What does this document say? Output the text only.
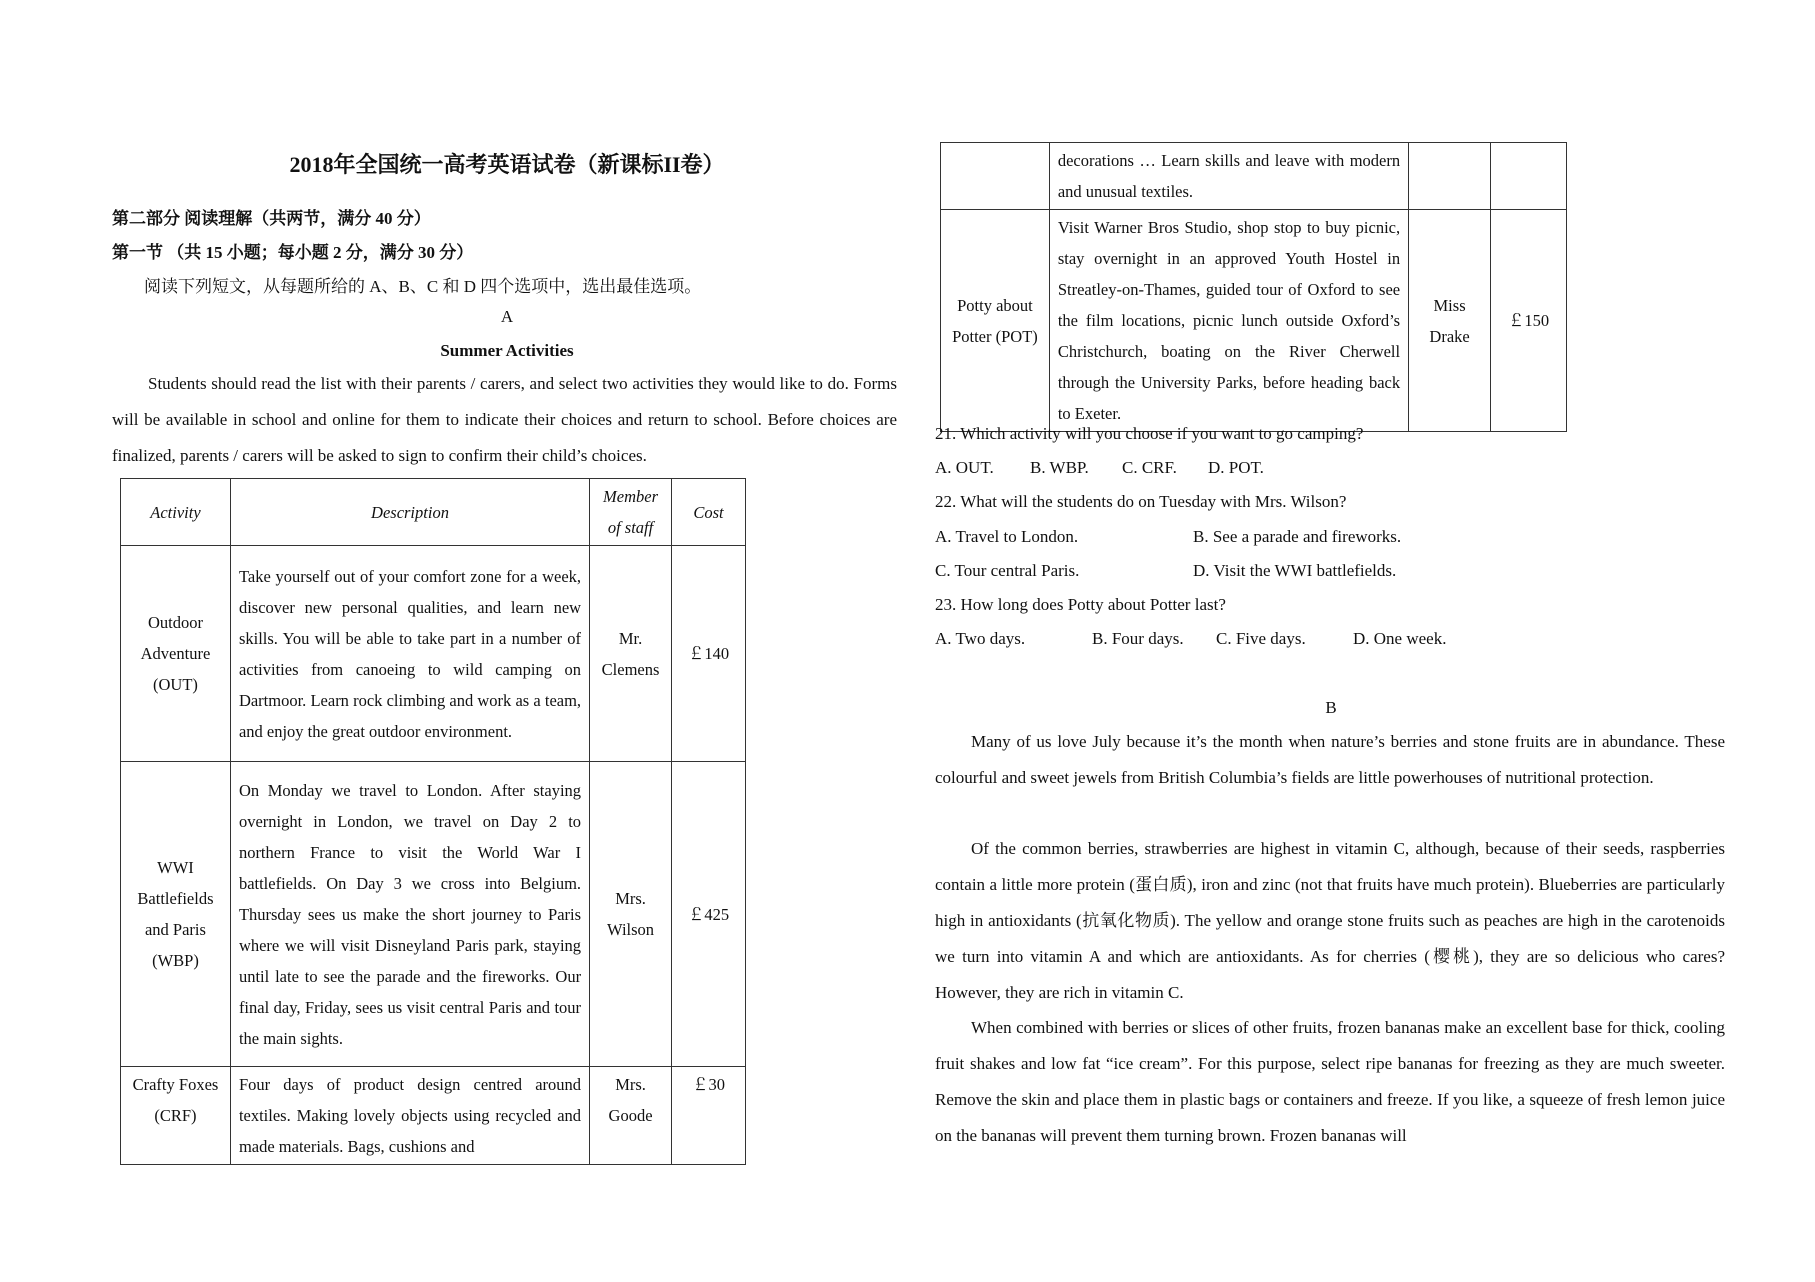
2018年全国统一高考英语试卷（新课标II卷）
第二部分 阅读理解（共两节，满分 40 分）
第一节 （共 15 小题；每小题 2 分，满分 30 分）
阅读下列短文，从每题所给的 A、B、C 和 D 四个选项中，选出最佳选项。
A
Summer Activities
Students should read the list with their parents / carers, and select two activities they would like to do. Forms will be available in school and online for them to indicate their choices and return to school. Before choices are finalized, parents / carers will be asked to sign to confirm their child’s choices.
Activity	Description	Member of staff	Cost
Outdoor Adventure (OUT)	Take yourself out of your comfort zone for a week, discover new personal qualities, and learn new skills. You will be able to take part in a number of activities from canoeing to wild camping on Dartmoor. Learn rock climbing and work as a team, and enjoy the great outdoor environment.	Mr. Clemens	￡140
WWI Battlefields and Paris (WBP)	On Monday we travel to London. After staying overnight in London, we travel on Day 2 to northern France to visit the World War I battlefields. On Day 3 we cross into Belgium. Thursday sees us make the short journey to Paris where we will visit Disneyland Paris park, staying until late to see the parade and the fireworks. Our final day, Friday, sees us visit central Paris and tour the main sights.	Mrs. Wilson	￡425
Crafty Foxes (CRF)	Four days of product design centred around textiles. Making lovely objects using recycled and made materials. Bags, cushions and	Mrs. Goode	￡30
	decorations … Learn skills and leave with modern and unusual textiles.		
Potty about Potter (POT)	Visit Warner Bros Studio, shop stop to buy picnic, stay overnight in an approved Youth Hostel in Streatley-on-Thames, guided tour of Oxford to see the film locations, picnic lunch outside Oxford’s Christchurch, boating on the River Cherwell through the University Parks, before heading back to Exeter.	Miss Drake	￡150
21. Which activity will you choose if you want to go camping?
A. OUT. B. WBP. C. CRF. D. POT.
22. What will the students do on Tuesday with Mrs. Wilson?
A. Travel to London.	B. See a parade and fireworks.
C. Tour central Paris.	D. Visit the WWI battlefields.
23. How long does Potty about Potter last?
A. Two days.	B. Four days. C. Five days.	D. One week.
B
Many of us love July because it’s the month when nature’s berries and stone fruits are in abundance. These colourful and sweet jewels from British Columbia’s fields are little powerhouses of nutritional protection.
Of the common berries, strawberries are highest in vitamin C, although, because of their seeds, raspberries contain a little more protein (蛋白质), iron and zinc (not that fruits have much protein). Blueberries are particularly high in antioxidants (抗氧化物质). The yellow and orange stone fruits such as peaches are high in the carotenoids we turn into vitamin A and which are antioxidants. As for cherries (樱桃), they are so delicious who cares? However, they are rich in vitamin C.
When combined with berries or slices of other fruits, frozen bananas make an excellent base for thick, cooling fruit shakes and low fat “ice cream”. For this purpose, select ripe bananas for freezing as they are much sweeter. Remove the skin and place them in plastic bags or containers and freeze. If you like, a squeeze of fresh lemon juice on the bananas will prevent them turning brown. Frozen bananas will
